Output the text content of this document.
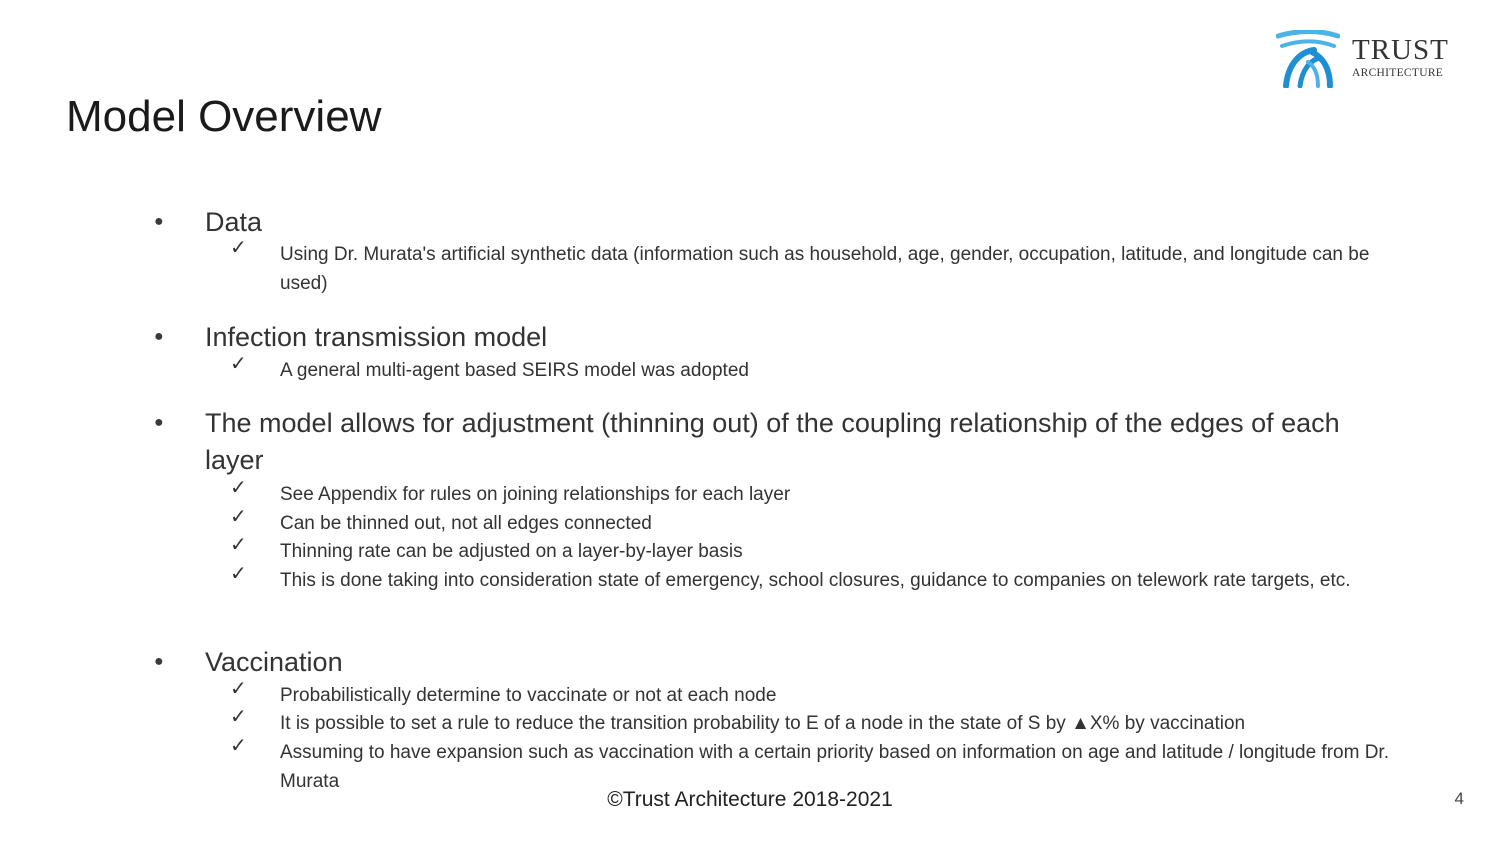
Model Overview
TRUST
ARCHITECTURE
● Data
✓ Using Dr. Murata's artificial synthetic data (information such as household, age, gender, occupation, latitude, and longitude can be used)
● Infection transmission model
✓ A general multi-agent based SEIRS model was adopted
● The model allows for adjustment (thinning out) of the coupling relationship of the edges of each layer
✓ See Appendix for rules on joining relationships for each layer
✓ Can be thinned out, not all edges connected
✓ Thinning rate can be adjusted on a layer-by-layer basis
✓ This is done taking into consideration state of emergency, school closures, guidance to companies on telework rate targets, etc.
● Vaccination
✓ Probabilistically determine to vaccinate or not at each node
✓ It is possible to set a rule to reduce the transition probability to E of a node in the state of S by ▲X% by vaccination
✓ Assuming to have expansion such as vaccination with a certain priority based on information on age and latitude / longitude from Dr. Murata
©Trust Architecture 2018-2021	4
